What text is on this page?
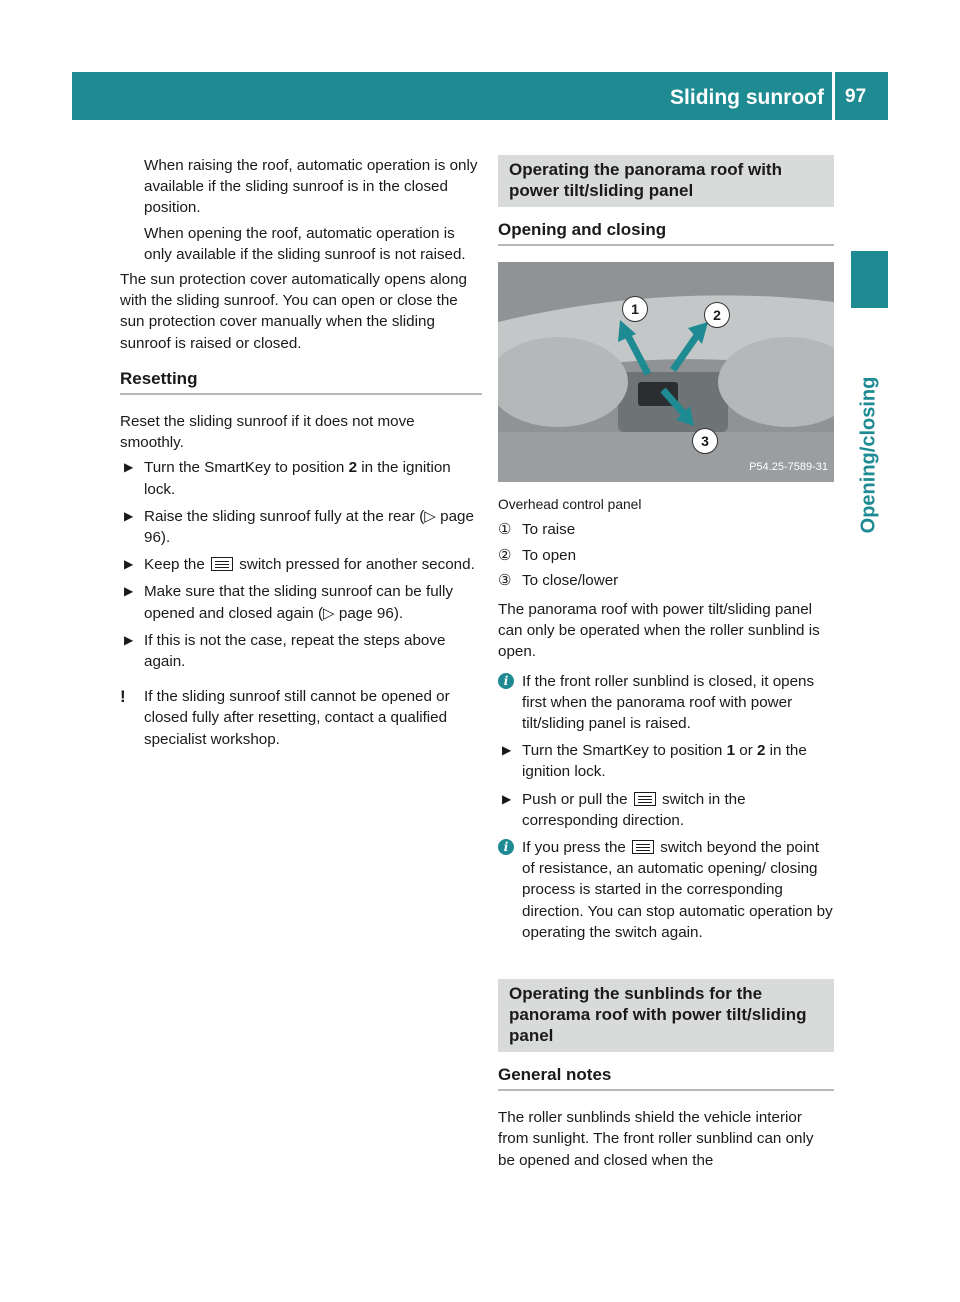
Sliding sunroof 97
Opening/closing

When raising the roof, automatic operation is only available if the sliding sunroof is in the closed position.

When opening the roof, automatic operation is only available if the sliding sunroof is not raised.

The sun protection cover automatically opens along with the sliding sunroof. You can open or close the sun protection cover manually when the sliding sunroof is raised or closed.

Resetting

Reset the sliding sunroof if it does not move smoothly.

▶ Turn the SmartKey to position 2 in the ignition lock.
▶ Raise the sliding sunroof fully at the rear (▷ page 96).
▶ Keep the  switch pressed for another second.
▶ Make sure that the sliding sunroof can be fully opened and closed again (▷ page 96).
▶ If this is not the case, repeat the steps above again.
! If the sliding sunroof still cannot be opened or closed fully after resetting, contact a qualified specialist workshop.
Operating the panorama roof with power tilt/sliding panel
Opening and closing
1	2
3
P54.25-7589-31
Overhead control panel
① To raise
② To open
③ To close/lower

The panorama roof with power tilt/sliding panel can only be operated when the roller sunblind is open.

i If the front roller sunblind is closed, it opens first when the panorama roof with power tilt/sliding panel is raised.
▶ Turn the SmartKey to position 1 or 2 in the ignition lock.
▶ Push or pull the  switch in the corresponding direction.
i If you press the  switch beyond the point of resistance, an automatic opening/ closing process is started in the corresponding direction. You can stop automatic operation by operating the switch again.
Operating the sunblinds for the panorama roof with power tilt/sliding panel
General notes

The roller sunblinds shield the vehicle interior from sunlight. The front roller sunblind can only be opened and closed when the
